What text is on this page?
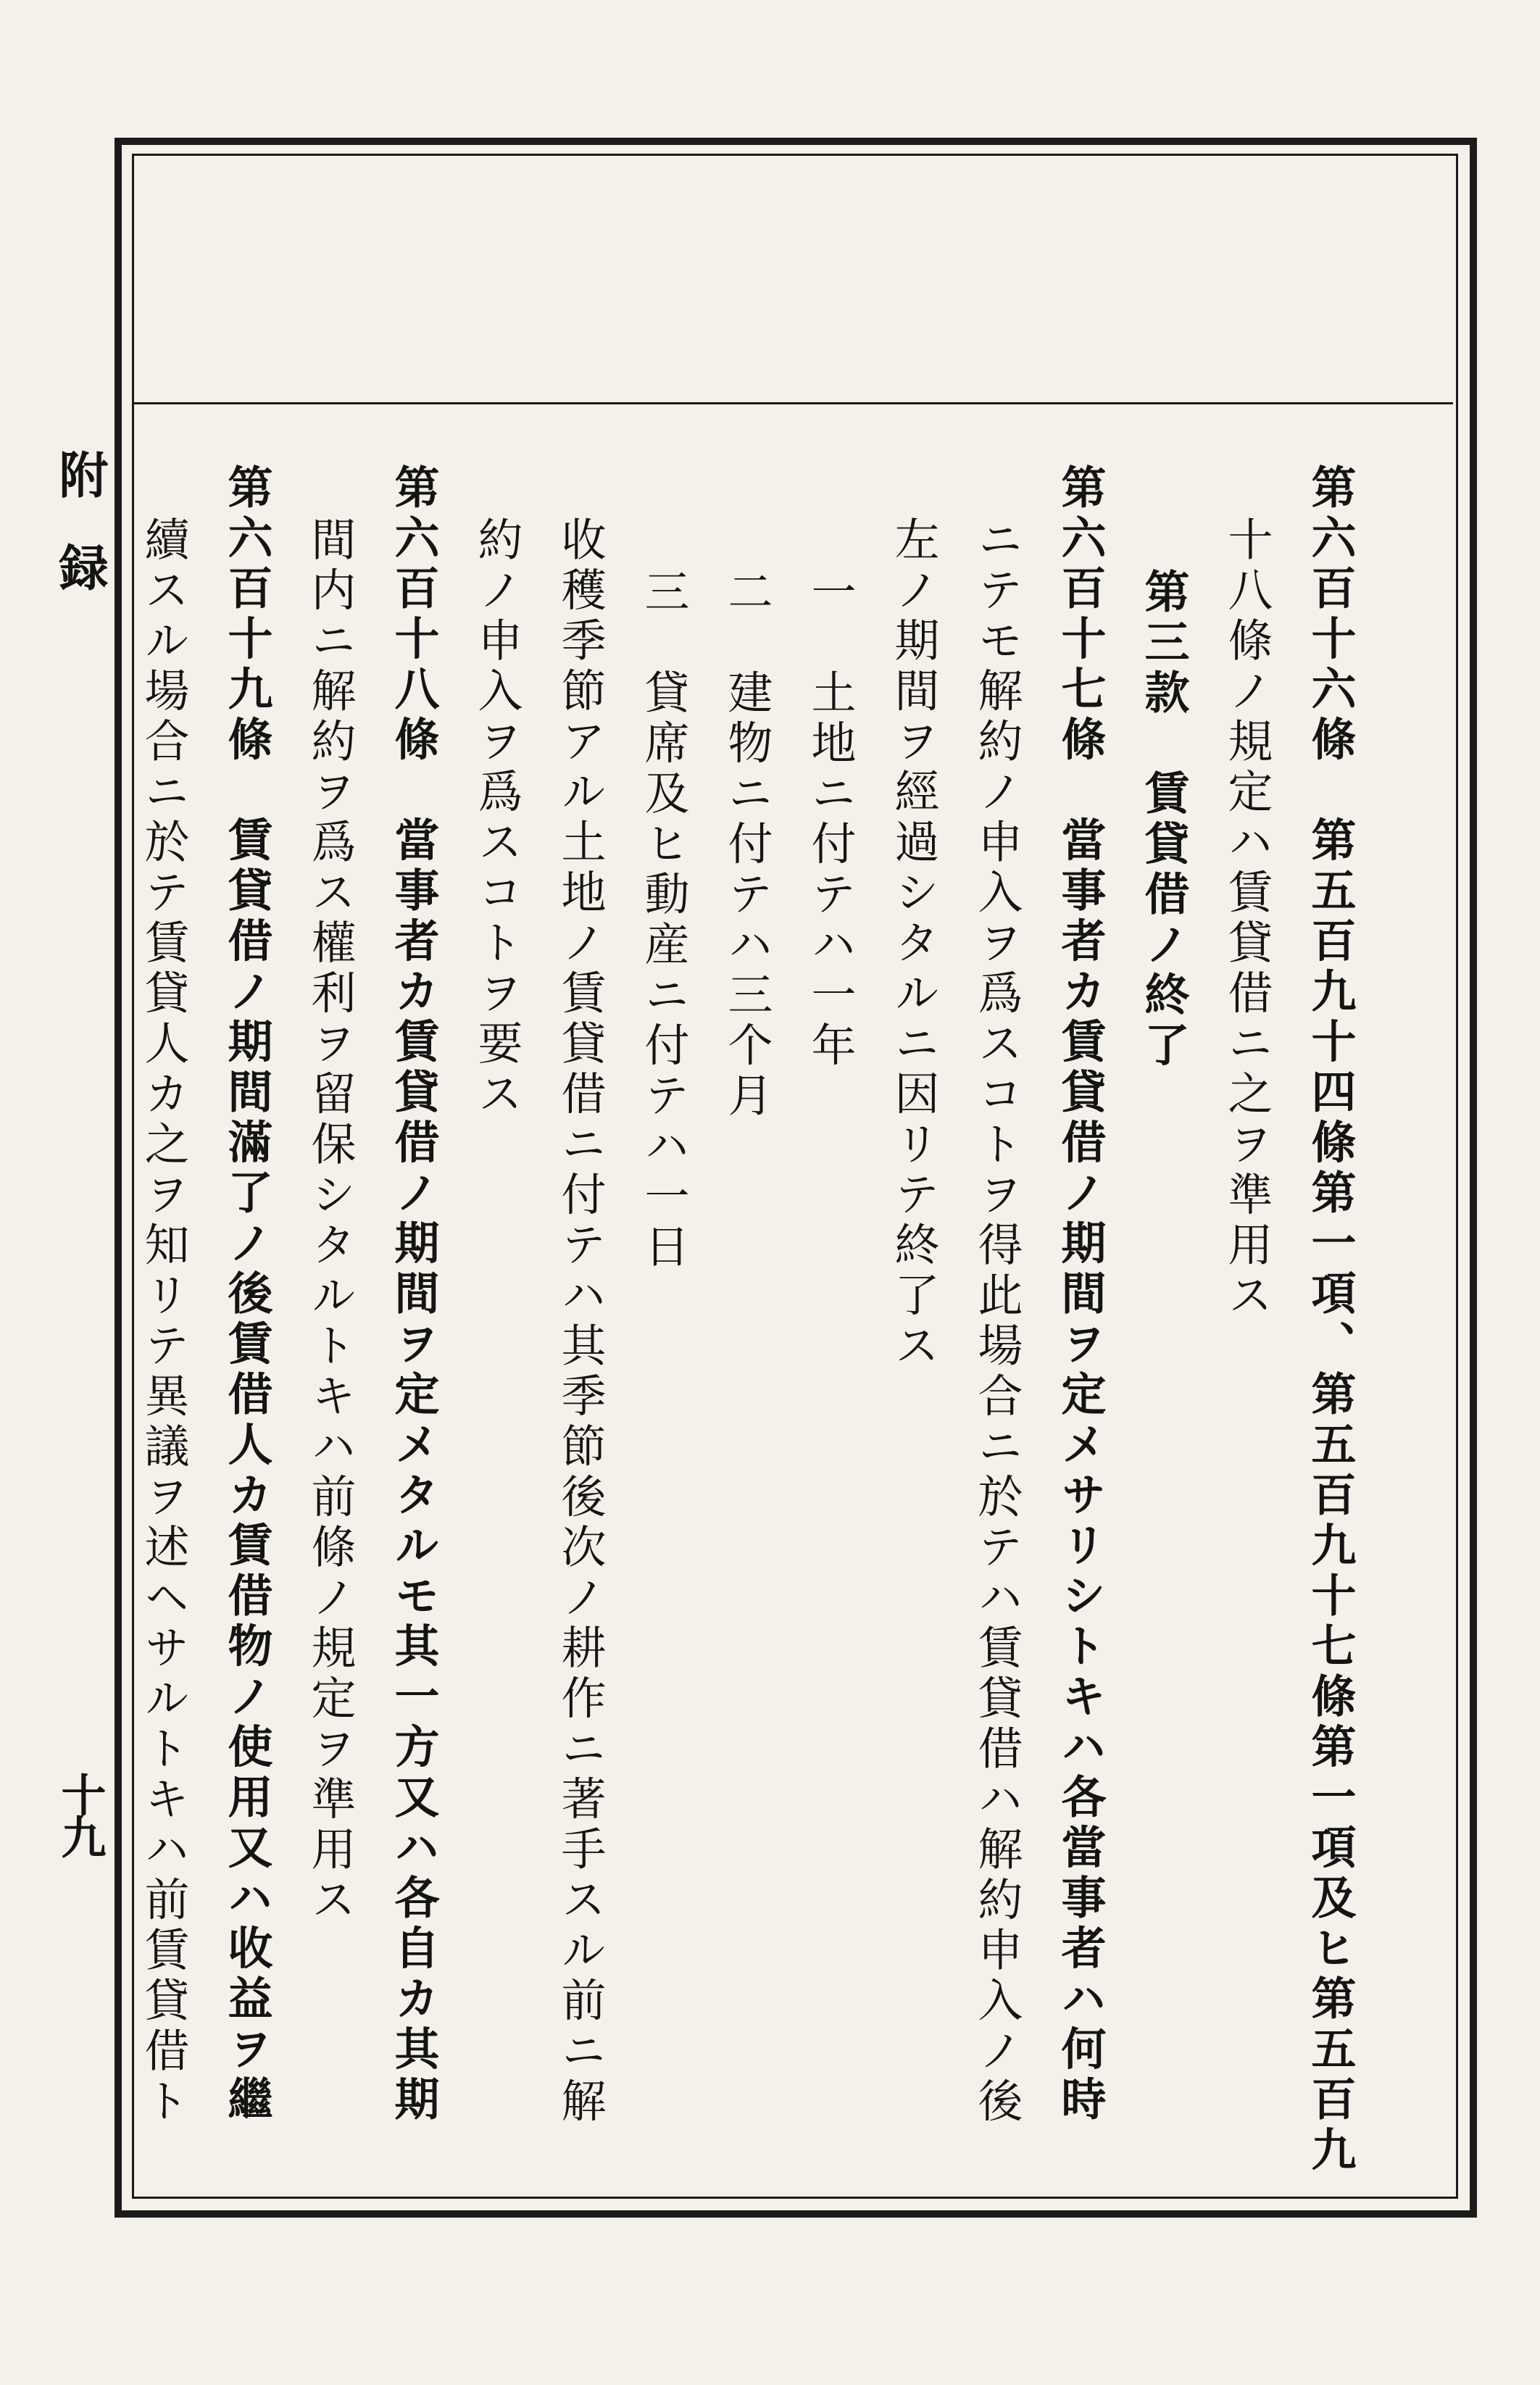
附録
十九	第六百十六條　第五百九十四條第一項、第五百九十七條第一項及ヒ第五百九
十八條ノ規定ハ賃貸借ニ之ヲ準用ス
第三款　賃貸借ノ終了
第六百十七條　當事者カ賃貸借ノ期間ヲ定メサリシトキハ各當事者ハ何時
ニテモ解約ノ申入ヲ爲スコトヲ得此場合ニ於テハ賃貸借ハ解約申入ノ後
左ノ期間ヲ經過シタルニ因リテ終了ス
一　土地ニ付テハ一年
二　建物ニ付テハ三个月
三　貸席及ヒ動産ニ付テハ一日
收穫季節アル土地ノ賃貸借ニ付テハ其季節後次ノ耕作ニ著手スル前ニ解
約ノ申入ヲ爲スコトヲ要ス
第六百十八條　當事者カ賃貸借ノ期間ヲ定メタルモ其一方又ハ各自カ其期
間内ニ解約ヲ爲ス權利ヲ留保シタルトキハ前條ノ規定ヲ準用ス
第六百十九條　賃貸借ノ期間滿了ノ後賃借人カ賃借物ノ使用又ハ收益ヲ繼
續スル場合ニ於テ賃貸人カ之ヲ知リテ異議ヲ述ヘサルトキハ前賃貸借ト
